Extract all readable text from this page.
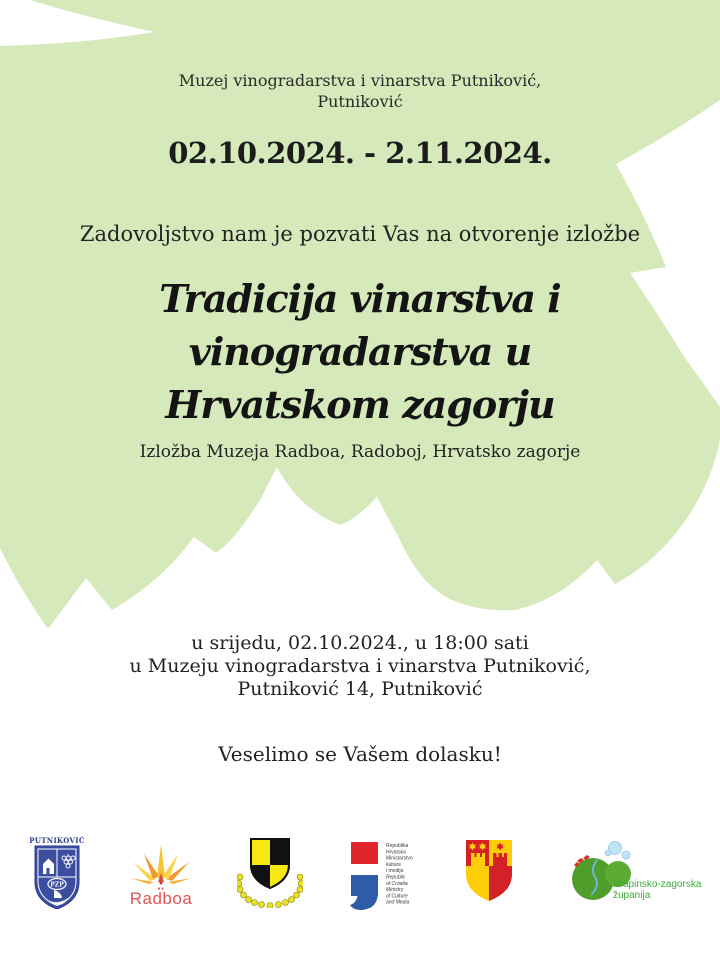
Muzej vinogradarstva i vinarstva Putniković,
Putniković
02.10.2024. - 2.11.2024.
Zadovoljstvo nam je pozvati Vas na otvorenje izložbe
Tradicija vinarstva i
vinogradarstva u
Hrvatskom zagorju
Izložba Muzeja Radboa, Radoboj, Hrvatsko zagorje
u srijedu, 02.10.2024., u 18:00 sati
u Muzeju vinogradarstva i vinarstva Putniković,
Putniković 14, Putniković
Veselimo se Vašem dolasku!
PUTNIKOVIĆ
PZP
Radboa
Republika
Hrvatska
Ministarstvo
kulture
i medija
Republic
of Croatia
Ministry
of Culture
and Media
Krapinsko-zagorska
županija
